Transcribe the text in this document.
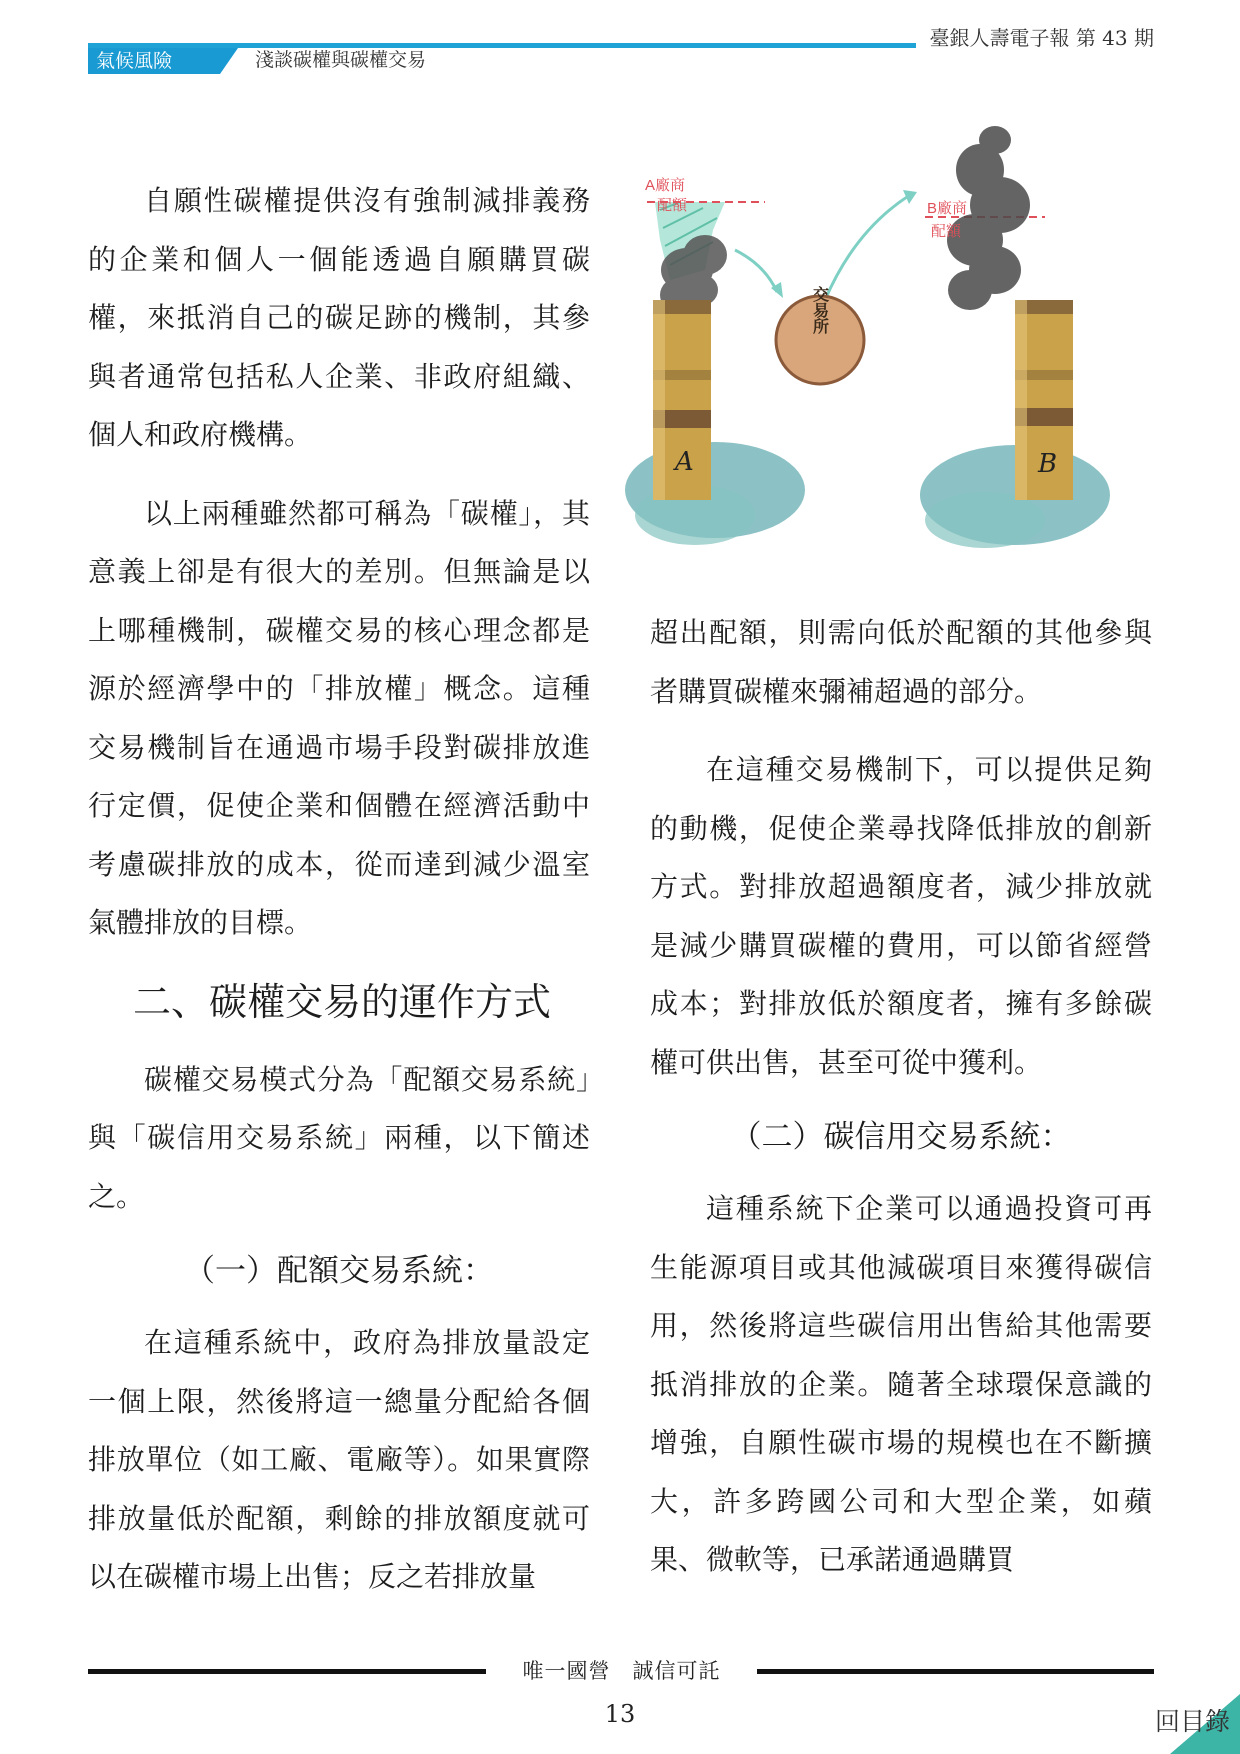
氣候風險	淺談碳權與碳權交易
臺銀人壽電子報 第 43 期

自願性碳權提供沒有強制減排義務的企業和個人一個能透過自願購買碳權，來抵消自己的碳足跡的機制，其參與者通常包括私人企業、非政府組織、個人和政府機構。

以上兩種雖然都可稱為「碳權」，其意義上卻是有很大的差別。但無論是以上哪種機制，碳權交易的核心理念都是源於經濟學中的「排放權」概念。這種交易機制旨在通過市場手段對碳排放進行定價，促使企業和個體在經濟活動中考慮碳排放的成本，從而達到減少溫室氣體排放的目標。

二、碳權交易的運作方式

碳權交易模式分為「配額交易系統」與「碳信用交易系統」兩種，以下簡述之。

（一）配額交易系統：

在這種系統中，政府為排放量設定一個上限，然後將這一總量分配給各個排放單位（如工廠、電廠等）。如果實際排放量低於配額，剩餘的排放額度就可以在碳權市場上出售；反之若排放量

A	B
交易所
A廠商
配額	B廠商
配額

超出配額，則需向低於配額的其他參與者購買碳權來彌補超過的部分。

在這種交易機制下，可以提供足夠的動機，促使企業尋找降低排放的創新方式。對排放超過額度者，減少排放就是減少購買碳權的費用，可以節省經營成本；對排放低於額度者，擁有多餘碳權可供出售，甚至可從中獲利。

（二）碳信用交易系統：

這種系統下企業可以通過投資可再生能源項目或其他減碳項目來獲得碳信用，然後將這些碳信用出售給其他需要抵消排放的企業。隨著全球環保意識的增強，自願性碳市場的規模也在不斷擴大，許多跨國公司和大型企業，如蘋果、微軟等，已承諾通過購買

唯一國營　誠信可託
13	回目錄
